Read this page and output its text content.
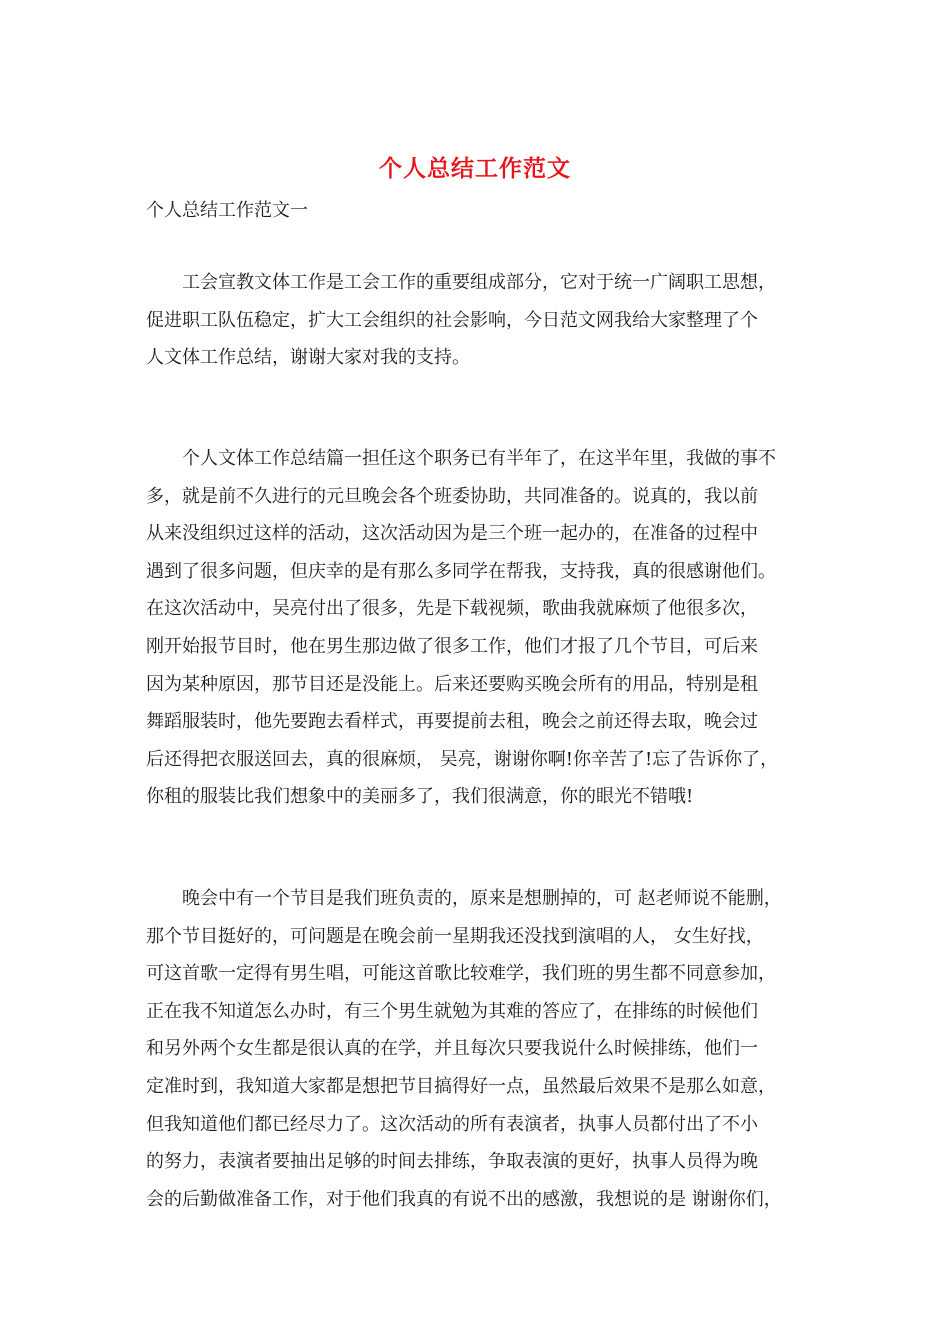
个人总结工作范文
个人总结工作范文一
　　工会宣教文体工作是工会工作的重要组成部分，它对于统一广阔职工思想，
促进职工队伍稳定，扩大工会组织的社会影响，今日范文网我给大家整理了个
人文体工作总结，谢谢大家对我的支持。
　　个人文体工作总结篇一担任这个职务已有半年了，在这半年里，我做的事不
多，就是前不久进行的元旦晚会各个班委协助，共同准备的。说真的，我以前
从来没组织过这样的活动，这次活动因为是三个班一起办的，在准备的过程中
遇到了很多问题，但庆幸的是有那么多同学在帮我，支持我，真的很感谢他们。
在这次活动中，吴亮付出了很多，先是下载视频，歌曲我就麻烦了他很多次，
刚开始报节目时，他在男生那边做了很多工作，他们才报了几个节目，可后来
因为某种原因，那节目还是没能上。后来还要购买晚会所有的用品，特别是租
舞蹈服装时，他先要跑去看样式，再要提前去租，晚会之前还得去取，晚会过
后还得把衣服送回去，真的很麻烦， 吴亮，谢谢你啊!你辛苦了!忘了告诉你了，
你租的服装比我们想象中的美丽多了，我们很满意，你的眼光不错哦!
　　晚会中有一个节目是我们班负责的，原来是想删掉的，可 赵老师说不能删，
那个节目挺好的，可问题是在晚会前一星期我还没找到演唱的人， 女生好找，
可这首歌一定得有男生唱，可能这首歌比较难学，我们班的男生都不同意参加，
正在我不知道怎么办时，有三个男生就勉为其难的答应了，在排练的时候他们
和另外两个女生都是很认真的在学，并且每次只要我说什么时候排练，他们一
定准时到，我知道大家都是想把节目搞得好一点，虽然最后效果不是那么如意，
但我知道他们都已经尽力了。这次活动的所有表演者，执事人员都付出了不小
的努力，表演者要抽出足够的时间去排练，争取表演的更好，执事人员得为晚
会的后勤做准备工作，对于他们我真的有说不出的感激，我想说的是 谢谢你们，
